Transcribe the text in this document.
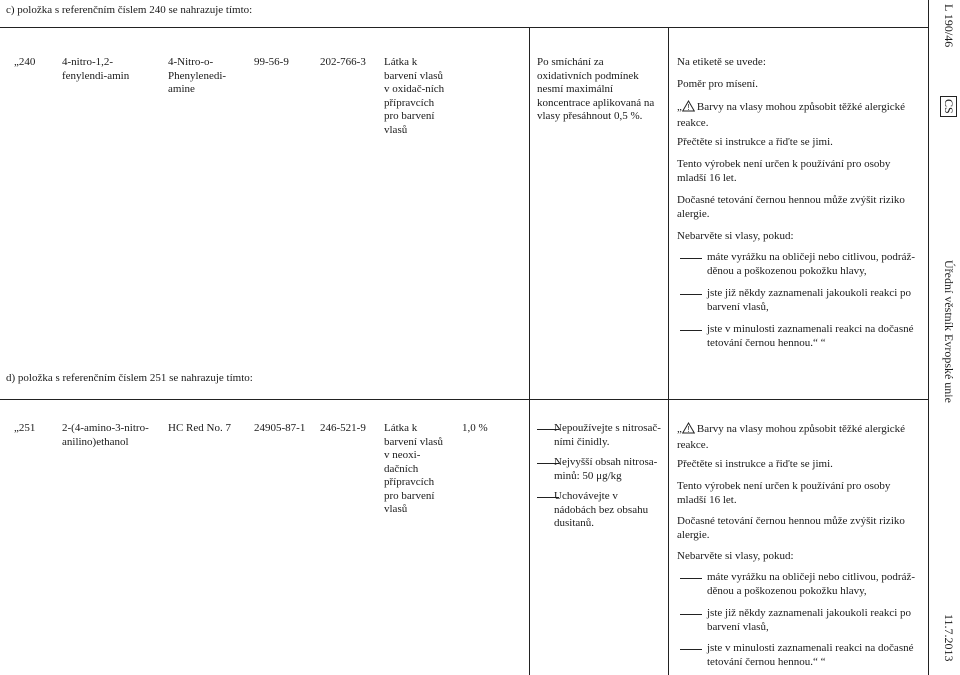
c) položka s referenčním číslem 240 se nahrazuje tímto:
„240 4-nitro-1,2-fenylendi-amin
4-Nitro-o-Phenylenedi-amine
99-56-9	202-766-3 Látka k barvení vlasů v oxidač-ních přípravcích pro barvení vlasů
Po smíchání za oxidativních podmínek nesmí maximální koncentrace aplikovaná na vlasy přesáhnout 0,5 %.
Na etiketě se uvede:
Poměr pro mísení.
„ ! Barvy na vlasy mohou způsobit těžké alergické reakce.
Přečtěte si instrukce a řiďte se jimi.
Tento výrobek není určen k používání pro osoby mladší 16 let.
Dočasné tetování černou hennou může zvýšit riziko alergie.
Nebarvěte si vlasy, pokud:
máte vyrážku na obličeji nebo citlivou, podráž-děnou a poškozenou pokožku hlavy,
jste již někdy zaznamenali jakoukoli reakci po barvení vlasů,
jste v minulosti zaznamenali reakci na dočasné tetování černou hennou.“ “
d) položka s referenčním číslem 251 se nahrazuje tímto:
„251 2-(4-amino-3-nitro-anilino)ethanol
HC Red No. 7 24905-87-1 246-521-9 Látka k barvení vlasů v neoxi-dačních přípravcích pro barvení vlasů
1,0 %	Nepoužívejte s nitrosač-ními činidly.
Nejvyšší obsah nitrosa-minů: 50 μg/kg
Uchovávejte v nádobách bez obsahu dusitanů.
„ ! Barvy na vlasy mohou způsobit těžké alergické reakce.
Přečtěte si instrukce a řiďte se jimi.
Tento výrobek není určen k používání pro osoby mladší 16 let.
Dočasné tetování černou hennou může zvýšit riziko alergie.
Nebarvěte si vlasy, pokud:
máte vyrážku na obličeji nebo citlivou, podráž-děnou a poškozenou pokožku hlavy,
jste již někdy zaznamenali jakoukoli reakci po barvení vlasů,
jste v minulosti zaznamenali reakci na dočasné tetování černou hennou.“ “
L 190/46
CS
Úřední věstník Evropské unie
11.7.2013
